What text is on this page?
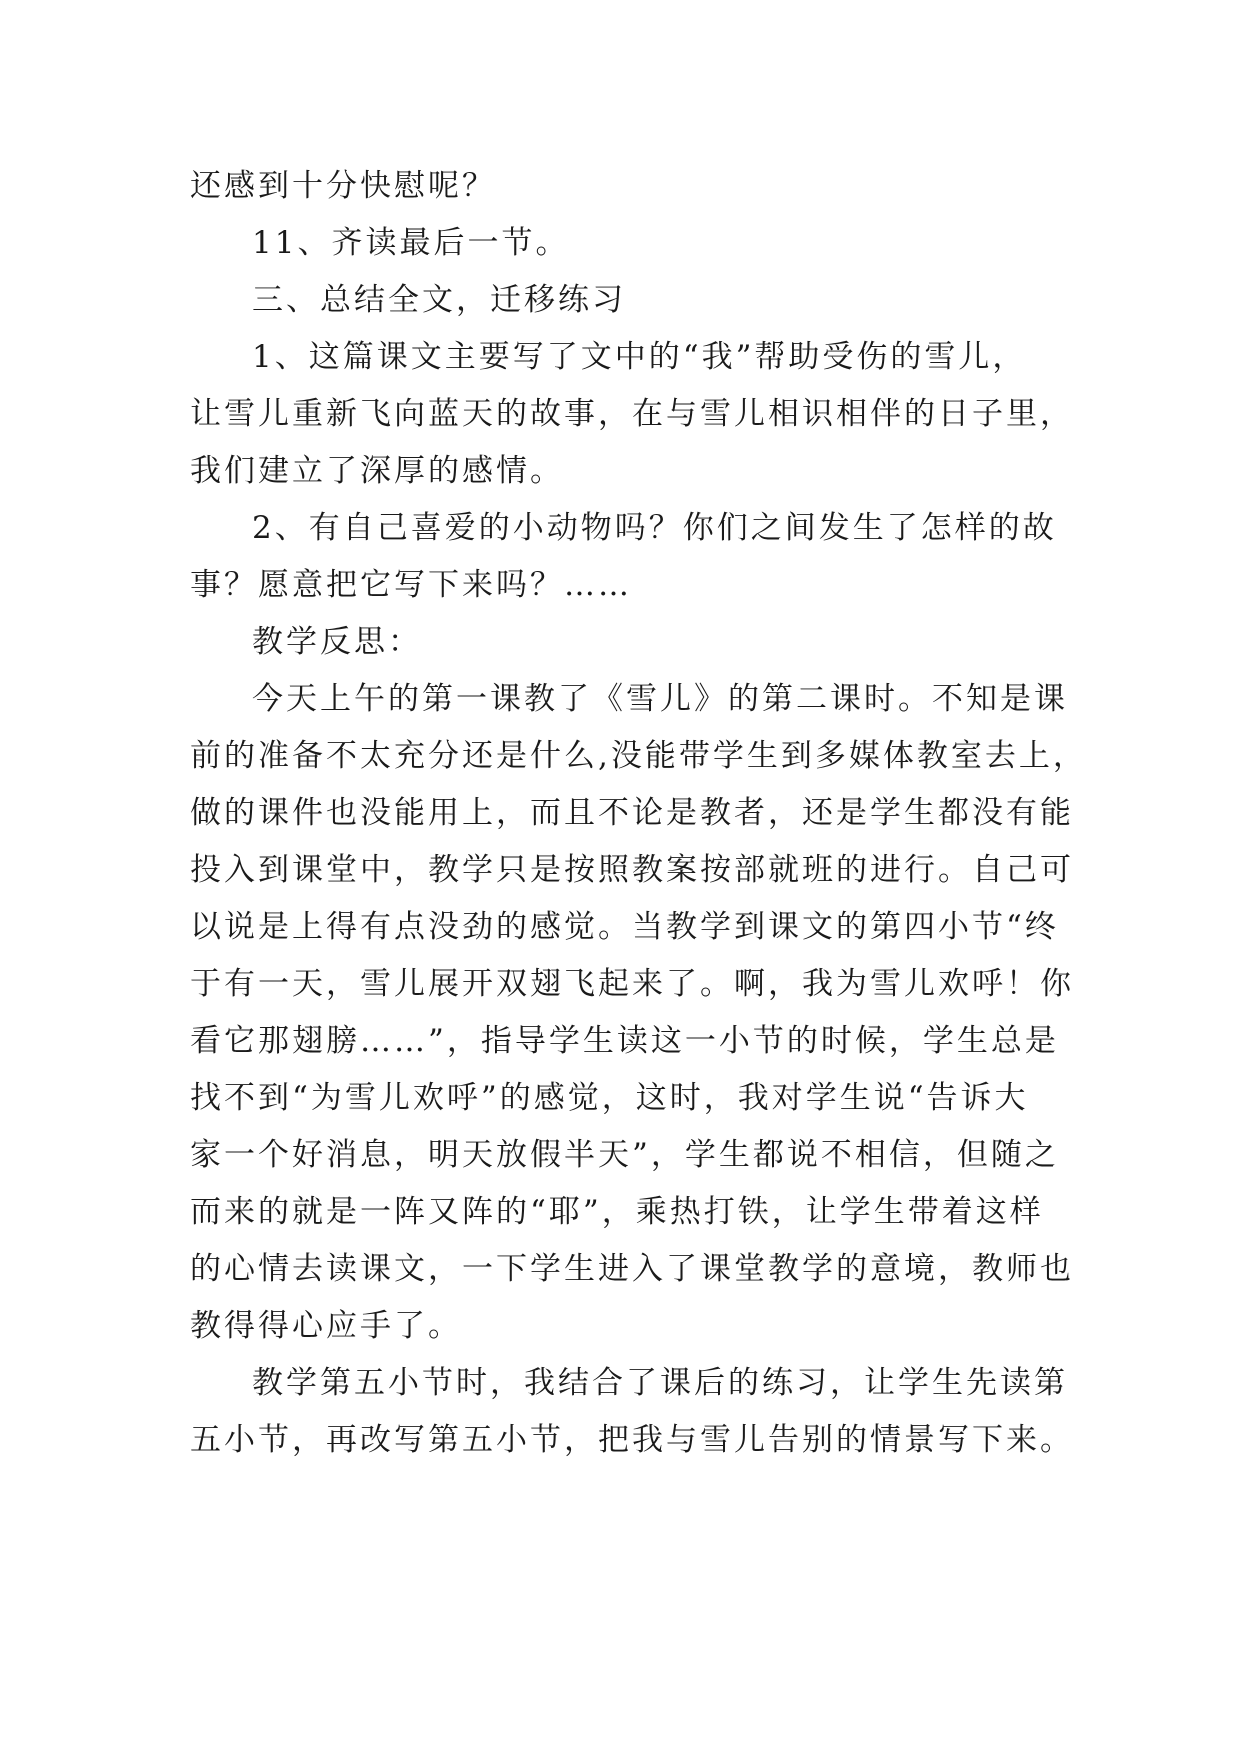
还感到十分快慰呢？
11、齐读最后一节。
三、总结全文，迁移练习
1、这篇课文主要写了文中的“我”帮助受伤的雪儿，
让雪儿重新飞向蓝天的故事，在与雪儿相识相伴的日子里，
我们建立了深厚的感情。
2、有自己喜爱的小动物吗？你们之间发生了怎样的故
事？愿意把它写下来吗？……
教学反思：
今天上午的第一课教了《雪儿》的第二课时。不知是课
前的准备不太充分还是什么,没能带学生到多媒体教室去上，
做的课件也没能用上，而且不论是教者，还是学生都没有能
投入到课堂中，教学只是按照教案按部就班的进行。自己可
以说是上得有点没劲的感觉。当教学到课文的第四小节“终
于有一天，雪儿展开双翅飞起来了。啊，我为雪儿欢呼！你
看它那翅膀……”，指导学生读这一小节的时候，学生总是
找不到“为雪儿欢呼”的感觉，这时，我对学生说“告诉大
家一个好消息，明天放假半天”，学生都说不相信，但随之
而来的就是一阵又阵的“耶”，乘热打铁，让学生带着这样
的心情去读课文，一下学生进入了课堂教学的意境，教师也
教得得心应手了。
教学第五小节时，我结合了课后的练习，让学生先读第
五小节，再改写第五小节，把我与雪儿告别的情景写下来。
